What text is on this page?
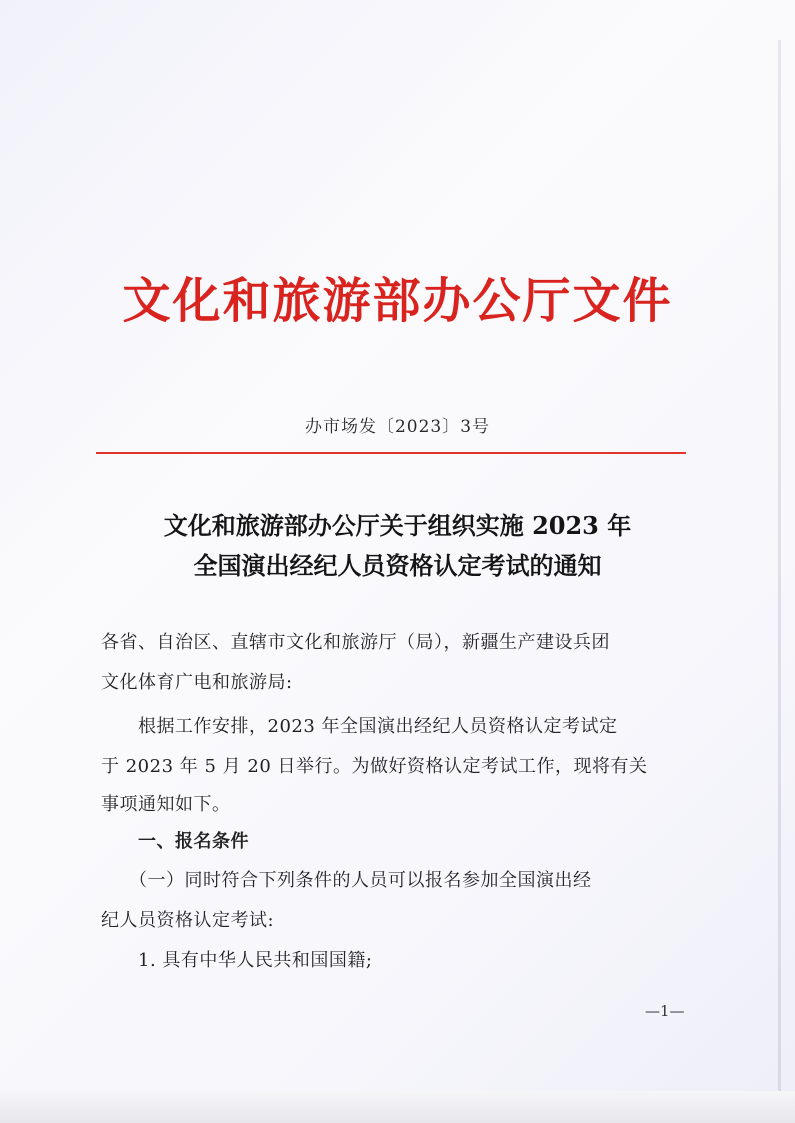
文化和旅游部办公厅文件
办市场发〔2023〕3号
文化和旅游部办公厅关于组织实施 2023 年
全国演出经纪人员资格认定考试的通知
各省、自治区、直辖市文化和旅游厅（局），新疆生产建设兵团
文化体育广电和旅游局:
　　根据工作安排，2023 年全国演出经纪人员资格认定考试定
于 2023 年 5 月 20 日举行。为做好资格认定考试工作，现将有关
事项通知如下。
　　一、报名条件
　　（一）同时符合下列条件的人员可以报名参加全国演出经
纪人员资格认定考试:
　　1. 具有中华人民共和国国籍;
—1—
